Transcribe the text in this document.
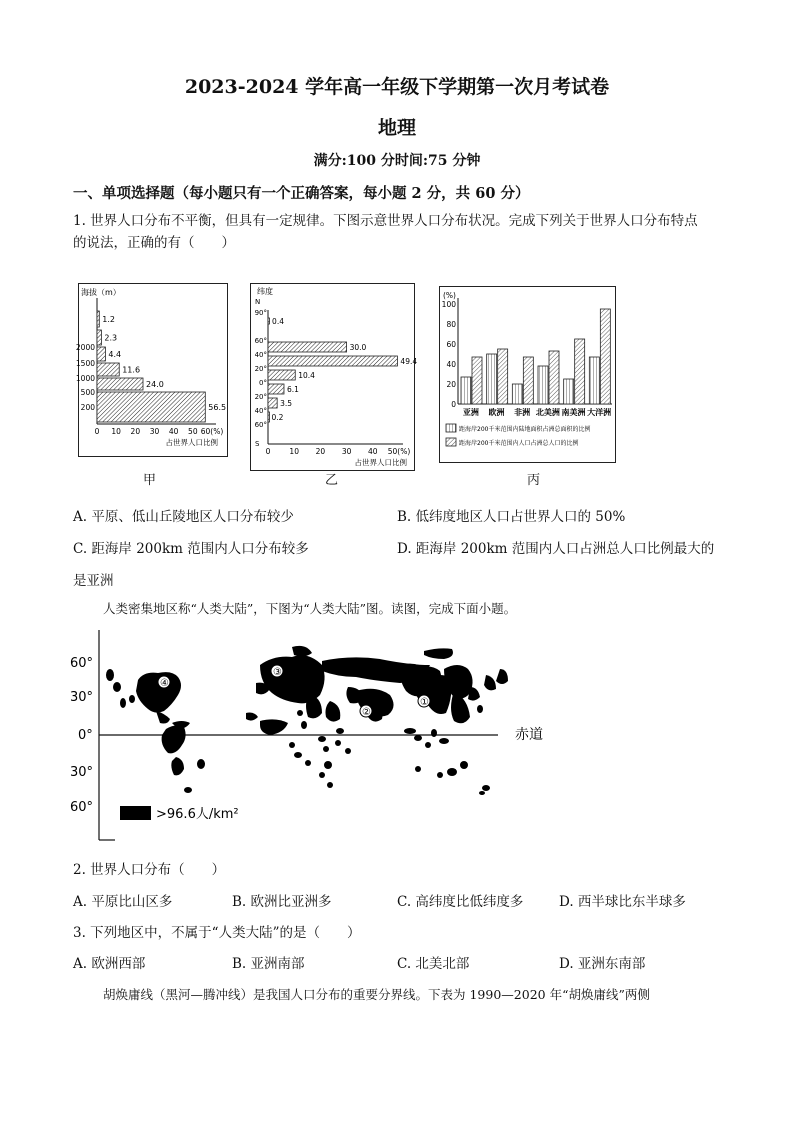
2023-2024 学年高一年级下学期第一次月考试卷
地理
满分:100 分时间:75 分钟
一、单项选择题（每小题只有一个正确答案，每小题 2 分，共 60 分）
1. 世界人口分布不平衡，但具有一定规律。下图示意世界人口分布状况。完成下列关于世界人口分布特点
的说法，正确的有（　　）
海拔（m）
1.2
2.3
4.4
11.6
24.0
56.5
2000
1500
1000
500
200
0 10 20 30 40 50 60(%)
占世界人口比例
甲
纬度
N
S
90°
60°
40°
20°
0°
20°
40°
60°
0.4
30.0
49.4
10.4
6.1
3.5
0.2
0	10 20 30 40 50(%)
占世界人口比例
乙
(%)
0
20
40
60
80
100
亚洲 欧洲 非洲 北美洲 南美洲 大洋洲
距海岸200千米范围内陆地面积占洲总面积的比例
距海岸200千米范围内人口占洲总人口的比例
丙
A. 平原、低山丘陵地区人口分布较少	B. 低纬度地区人口占世界人口的 50%
C. 距海岸 200km 范围内人口分布较多	D. 距海岸 200km 范围内人口占洲总人口比例最大的
是亚洲
人类密集地区称“人类大陆”，下图为“人类大陆”图。读图，完成下面小题。
60°
30°
0°
30°
60°
赤道
④
③
②
①
>96.6人/km²
2. 世界人口分布（　　）
A. 平原比山区多	B. 欧洲比亚洲多	C. 高纬度比低纬度多	D. 西半球比东半球多
3. 下列地区中，不属于“人类大陆”的是（　　）
A. 欧洲西部	B. 亚洲南部	C. 北美北部	D. 亚洲东南部
胡焕庸线（黑河—腾冲线）是我国人口分布的重要分界线。下表为 1990—2020 年“胡焕庸线”两侧
